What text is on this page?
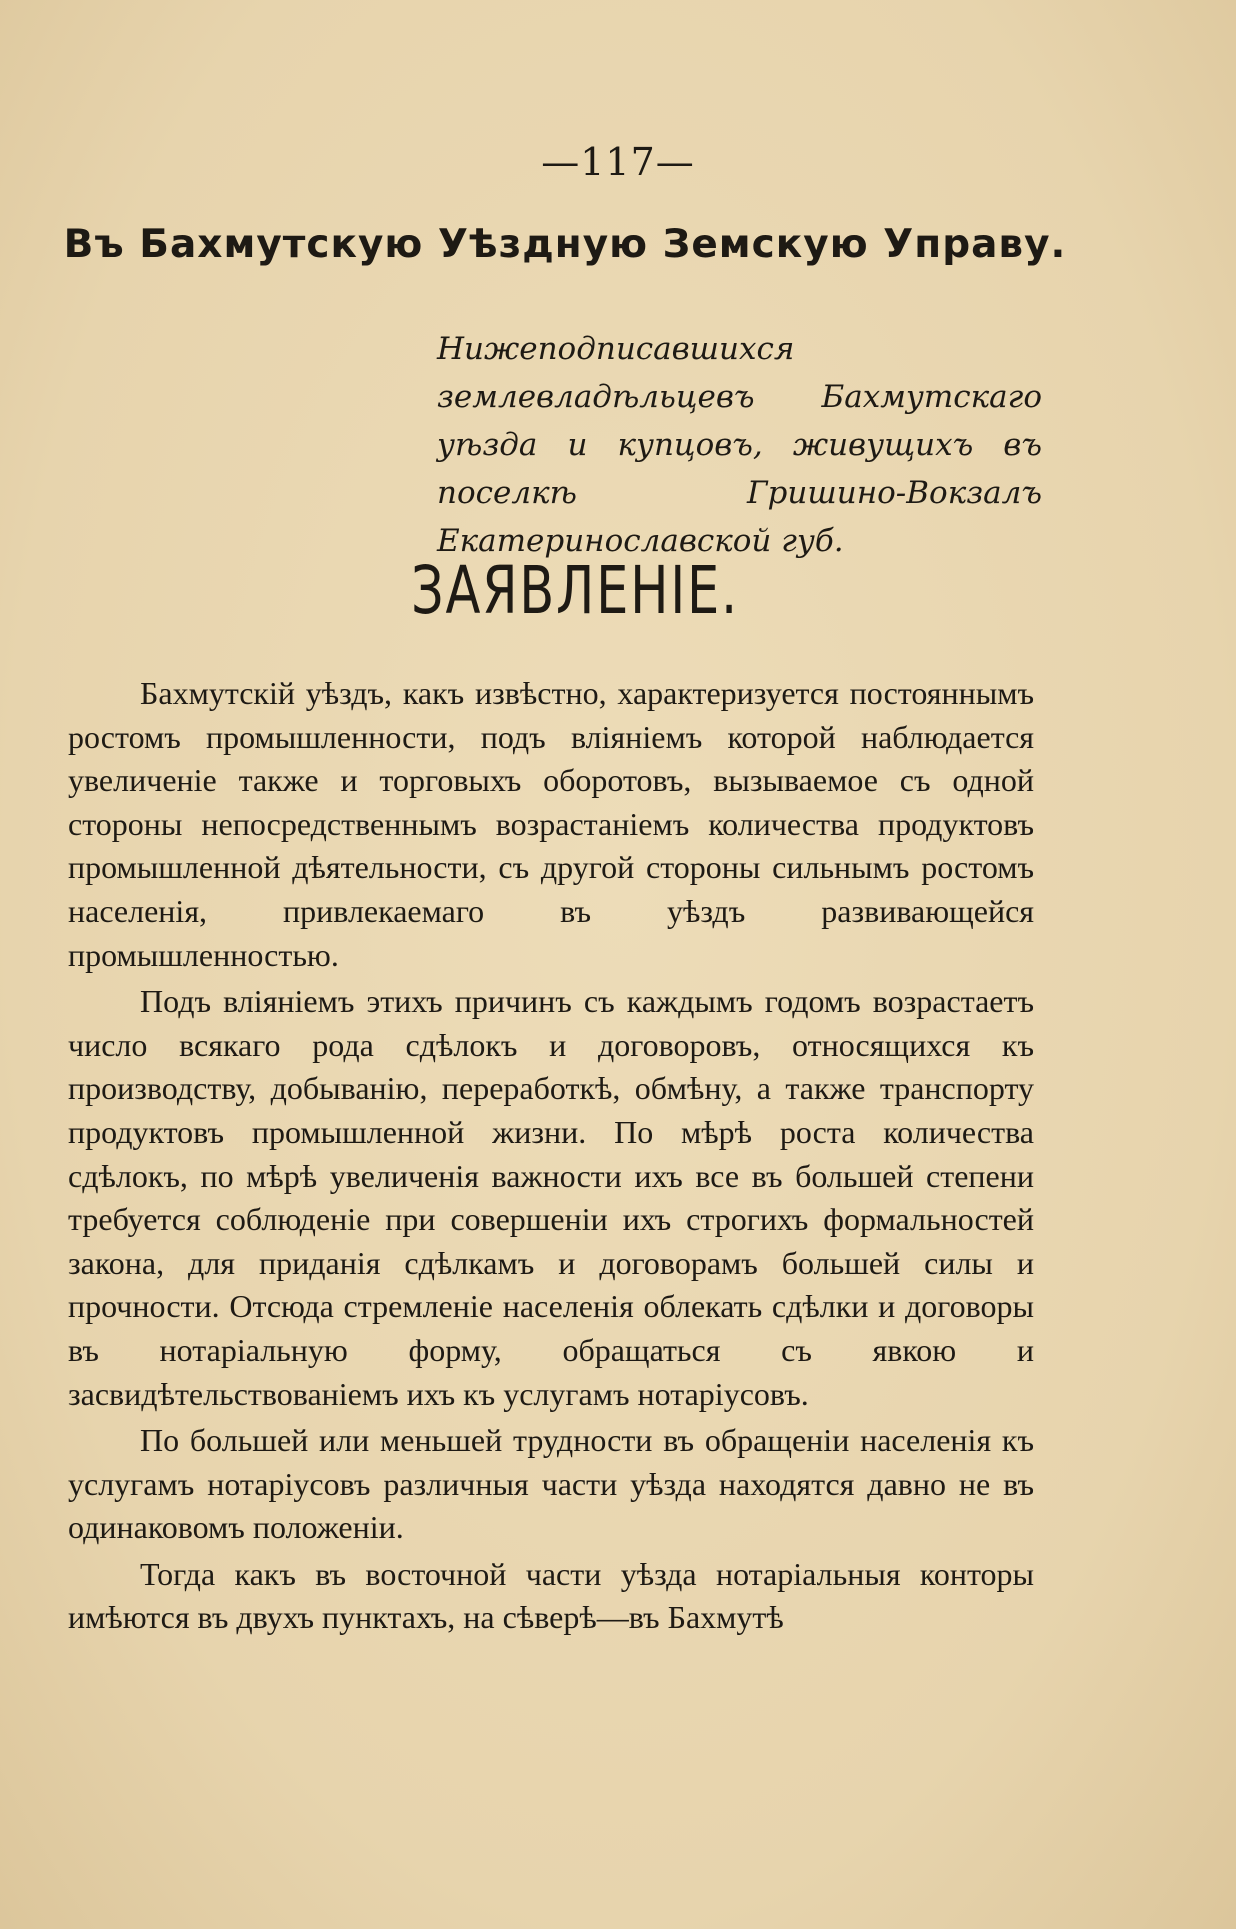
—117—
Въ Бахмутскую Уѣздную Земскую Управу.
Нижеподписавшихся землевладѣльцевъ Бахмутскаго уѣзда и купцовъ, живущихъ въ поселкѣ Гришино-Вокзалъ Екатеринославской губ.
ЗАЯВЛЕНІЕ.

Бахмутскій уѣздъ, какъ извѣстно, характеризуется постояннымъ ростомъ промышленности, подъ вліяніемъ которой наблюдается увеличеніе также и торговыхъ оборотовъ, вызываемое съ одной стороны непосредственнымъ возрастаніемъ количества продуктовъ промышленной дѣятельности, съ другой стороны сильнымъ ростомъ населенія, привлекаемаго въ уѣздъ развивающейся промышленностью.

Подъ вліяніемъ этихъ причинъ съ каждымъ годомъ возрастаетъ число всякаго рода сдѣлокъ и договоровъ, относящихся къ производству, добыванію, переработкѣ, обмѣну, а также транспорту продуктовъ промышленной жизни. По мѣрѣ роста количества сдѣлокъ, по мѣрѣ увеличенія важности ихъ все въ большей степени требуется соблюденіе при совершеніи ихъ строгихъ формальностей закона, для приданія сдѣлкамъ и договорамъ большей силы и прочности. Отсюда стремленіе населенія облекать сдѣлки и договоры въ нотаріальную форму, обращаться съ явкою и засвидѣтельствованіемъ ихъ къ услугамъ нотаріусовъ.

По большей или меньшей трудности въ обращеніи населенія къ услугамъ нотаріусовъ различныя части уѣзда находятся давно не въ одинаковомъ положеніи.

Тогда какъ въ восточной части уѣзда нотаріальныя конторы имѣются въ двухъ пунктахъ, на сѣверѣ—въ Бахмутѣ
